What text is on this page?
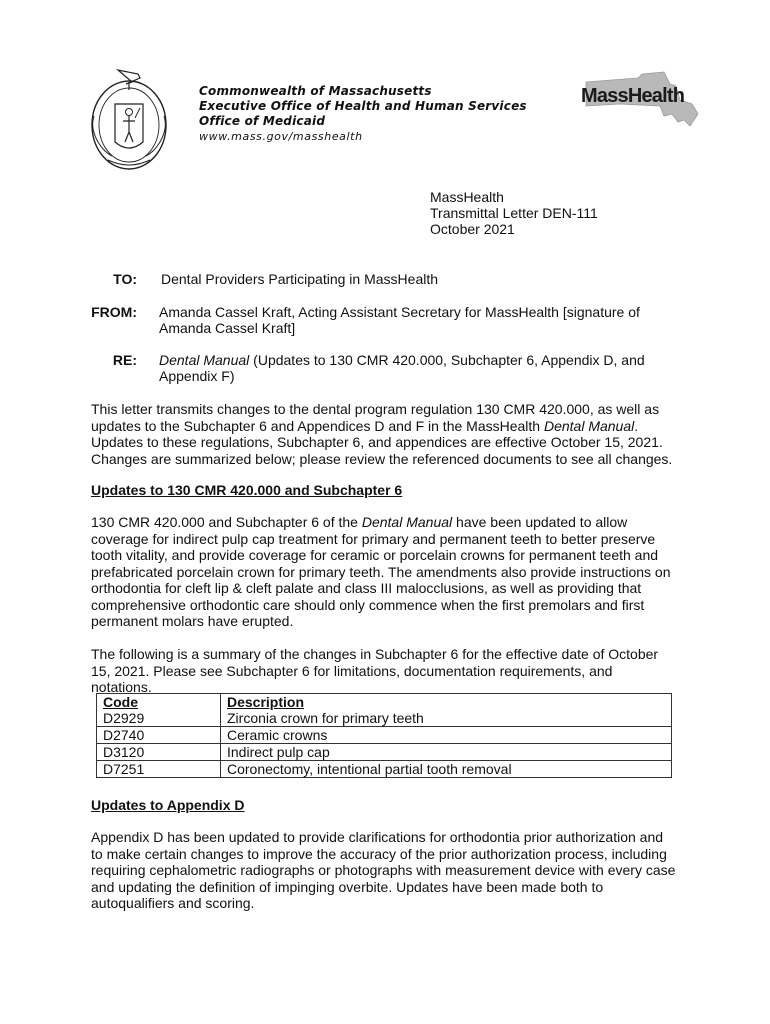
Commonwealth of Massachusetts
Executive Office of Health and Human Services
Office of Medicaid
www.mass.gov/masshealth
MassHealth
MassHealth
Transmittal Letter DEN-111
October 2021
TO: Dental Providers Participating in MassHealth
FROM: Amanda Cassel Kraft, Acting Assistant Secretary for MassHealth [signature of Amanda Cassel Kraft]
RE: Dental Manual (Updates to 130 CMR 420.000, Subchapter 6, Appendix D, and Appendix F)
This letter transmits changes to the dental program regulation 130 CMR 420.000, as well as updates to the Subchapter 6 and Appendices D and F in the MassHealth Dental Manual. Updates to these regulations, Subchapter 6, and appendices are effective October 15, 2021. Changes are summarized below; please review the referenced documents to see all changes.
Updates to 130 CMR 420.000 and Subchapter 6
130 CMR 420.000 and Subchapter 6 of the Dental Manual have been updated to allow coverage for indirect pulp cap treatment for primary and permanent teeth to better preserve tooth vitality, and provide coverage for ceramic or porcelain crowns for permanent teeth and prefabricated porcelain crown for primary teeth. The amendments also provide instructions on orthodontia for cleft lip & cleft palate and class III malocclusions, as well as providing that comprehensive orthodontic care should only commence when the first premolars and first permanent molars have erupted.
The following is a summary of the changes in Subchapter 6 for the effective date of October 15, 2021. Please see Subchapter 6 for limitations, documentation requirements, and notations.
Code	Description
D2929	Zirconia crown for primary teeth
D2740	Ceramic crowns
D3120	Indirect pulp cap
D7251	Coronectomy, intentional partial tooth removal
Updates to Appendix D
Appendix D has been updated to provide clarifications for orthodontia prior authorization and to make certain changes to improve the accuracy of the prior authorization process, including requiring cephalometric radiographs or photographs with measurement device with every case and updating the definition of impinging overbite. Updates have been made both to autoqualifiers and scoring.
